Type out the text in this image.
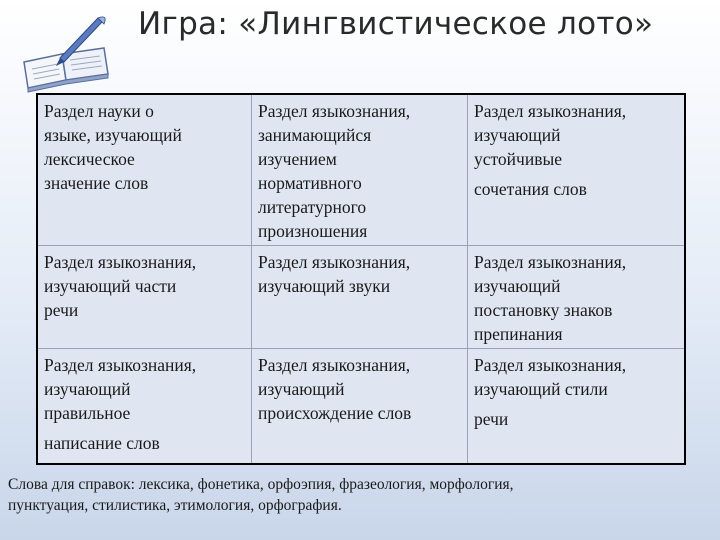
Игра: «Лингвистическое лото»
Раздел науки о
языке, изучающий
лексическое
значение слов
Раздел языкознания,
занимающийся
изучением
нормативного
литературного
произношения
Раздел языкознания,
изучающий
устойчивые
сочетания слов
Раздел языкознания,
изучающий части
речи
Раздел языкознания,
изучающий звуки
Раздел языкознания,
изучающий
постановку знаков
препинания
Раздел языкознания,
изучающий
правильное
написание слов
Раздел языкознания,
изучающий
происхождение слов
Раздел языкознания,
изучающий стили
речи
Слова для справок: лексика, фонетика, орфоэпия, фразеология, морфология,
пунктуация, стилистика, этимология, орфография.
